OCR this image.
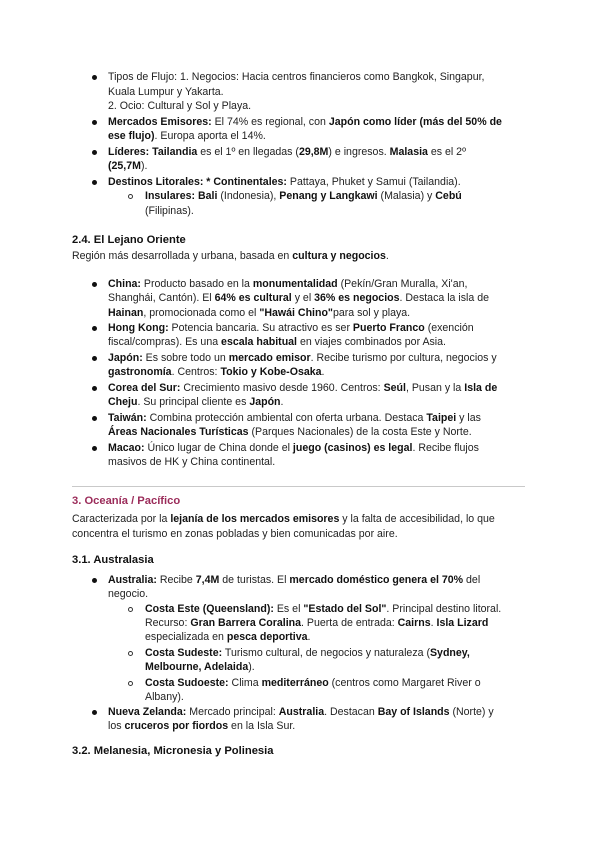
Tipos de Flujo: 1. Negocios: Hacia centros financieros como Bangkok, Singapur,
Kuala Lumpur y Yakarta.
2. Ocio: Cultural y Sol y Playa.
Mercados Emisores: El 74% es regional, con Japón como líder (más del 50% de
ese flujo). Europa aporta el 14%.
Líderes: Tailandia es el 1º en llegadas (29,8M) e ingresos. Malasia es el 2º
(25,7M).
Destinos Litorales: * Continentales: Pattaya, Phuket y Samui (Tailandia).
Insulares: Bali (Indonesia), Penang y Langkawi (Malasia) y Cebú
(Filipinas).
2.4. El Lejano Oriente
Región más desarrollada y urbana, basada en cultura y negocios.
China: Producto basado en la monumentalidad (Pekín/Gran Muralla, Xi'an,
Shanghái, Cantón). El 64% es cultural y el 36% es negocios. Destaca la isla de
Hainan, promocionada como el "Hawái Chino"para sol y playa.
Hong Kong: Potencia bancaria. Su atractivo es ser Puerto Franco (exención
fiscal/compras). Es una escala habitual en viajes combinados por Asia.
Japón: Es sobre todo un mercado emisor. Recibe turismo por cultura, negocios y
gastronomía. Centros: Tokio y Kobe-Osaka.
Corea del Sur: Crecimiento masivo desde 1960. Centros: Seúl, Pusan y la Isla de
Cheju. Su principal cliente es Japón.
Taiwán: Combina protección ambiental con oferta urbana. Destaca Taipei y las
Áreas Nacionales Turísticas (Parques Nacionales) de la costa Este y Norte.
Macao: Único lugar de China donde el juego (casinos) es legal. Recibe flujos
masivos de HK y China continental.
3. Oceanía / Pacífico
Caracterizada por la lejanía de los mercados emisores y la falta de accesibilidad, lo que
concentra el turismo en zonas pobladas y bien comunicadas por aire.
3.1. Australasia
Australia: Recibe 7,4M de turistas. El mercado doméstico genera el 70% del
negocio.
Costa Este (Queensland): Es el "Estado del Sol". Principal destino litoral.
Recurso: Gran Barrera Coralina. Puerta de entrada: Cairns. Isla Lizard
especializada en pesca deportiva.
Costa Sudeste: Turismo cultural, de negocios y naturaleza (Sydney,
Melbourne, Adelaida).
Costa Sudoeste: Clima mediterráneo (centros como Margaret River o
Albany).
Nueva Zelanda: Mercado principal: Australia. Destacan Bay of Islands (Norte) y
los cruceros por fiordos en la Isla Sur.
3.2. Melanesia, Micronesia y Polinesia
